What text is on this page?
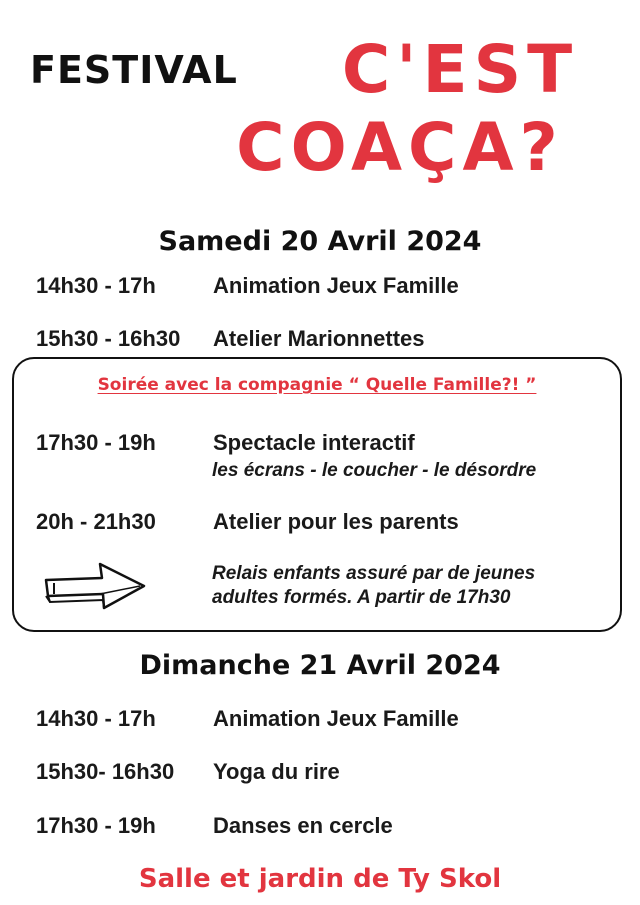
FESTIVAL C'EST
COAÇA?
Samedi 20 Avril 2024
14h30 - 17h	Animation Jeux Famille
15h30 - 16h30 Atelier Marionnettes
Soirée avec la compagnie “ Quelle Famille?! ”
17h30 - 19h	Spectacle interactif
les écrans - le coucher - le désordre
20h - 21h30	Atelier pour les parents
Relais enfants assuré par de jeunes
adultes formés. A partir de 17h30
Dimanche 21 Avril 2024
14h30 - 17h	Animation Jeux Famille
15h30- 16h30 Yoga du rire
17h30 - 19h	Danses en cercle
Salle et jardin de Ty Skol
